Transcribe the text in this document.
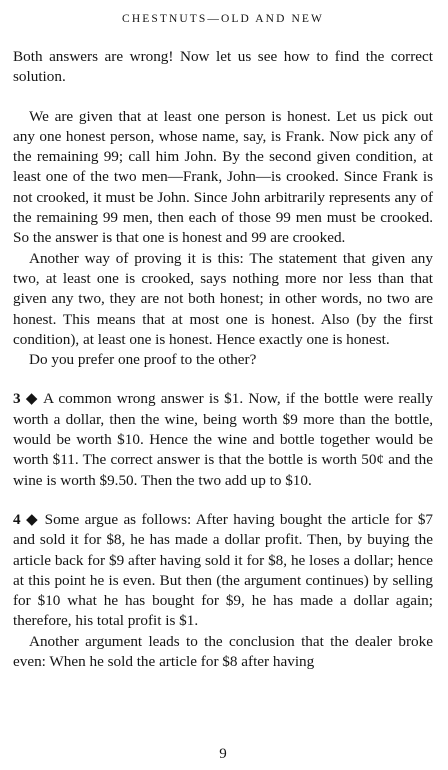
CHESTNUTS—OLD AND NEW

Both answers are wrong! Now let us see how to find the correct solution.

We are given that at least one person is honest. Let us pick out any one honest person, whose name, say, is Frank. Now pick any of the remaining 99; call him John. By the second given condition, at least one of the two men—Frank, John—is crooked. Since Frank is not crooked, it must be John. Since John arbitrarily represents any of the remaining 99 men, then each of those 99 men must be crooked. So the answer is that one is honest and 99 are crooked.

Another way of proving it is this: The statement that given any two, at least one is crooked, says nothing more nor less than that given any two, they are not both honest; in other words, no two are honest. This means that at most one is honest. Also (by the first condition), at least one is honest. Hence exactly one is honest.

Do you prefer one proof to the other?

3 ◆ A common wrong answer is $1. Now, if the bottle were really worth a dollar, then the wine, being worth $9 more than the bottle, would be worth $10. Hence the wine and bottle together would be worth $11. The correct answer is that the bottle is worth 50¢ and the wine is worth $9.50. Then the two add up to $10.

4 ◆ Some argue as follows: After having bought the article for $7 and sold it for $8, he has made a dollar profit. Then, by buying the article back for $9 after having sold it for $8, he loses a dollar; hence at this point he is even. But then (the argument continues) by selling for $10 what he has bought for $9, he has made a dollar again; therefore, his total profit is $1.

Another argument leads to the conclusion that the dealer broke even: When he sold the article for $8 after having

9
